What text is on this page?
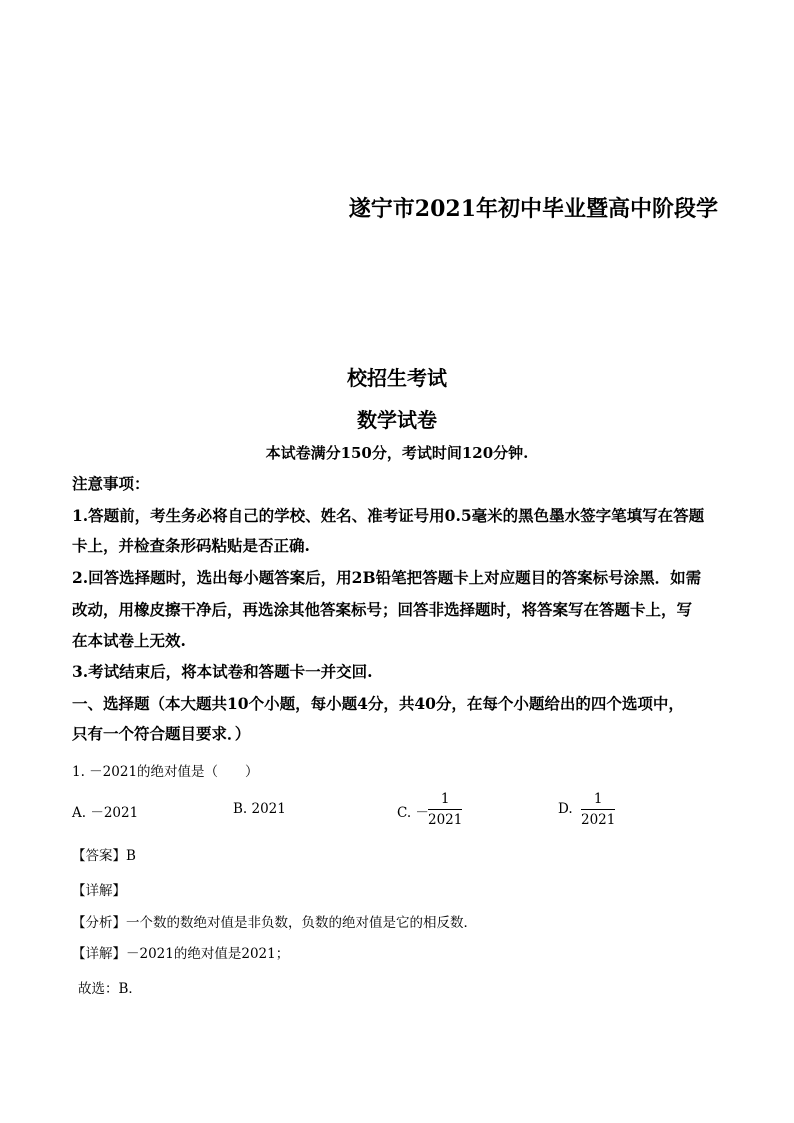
遂宁市2021年初中毕业暨高中阶段学
校招生考试
数学试卷
本试卷满分150分，考试时间120分钟.
注意事项：
1.答题前，考生务必将自己的学校、姓名、准考证号用0.5毫米的黑色墨水签字笔填写在答题
卡上，并检查条形码粘贴是否正确.
2.回答选择题时，选出每小题答案后，用2B铅笔把答题卡上对应题目的答案标号涂黑．如需
改动，用橡皮擦干净后，再选涂其他答案标号；回答非选择题时，将答案写在答题卡上，写
在本试卷上无效.
3.考试结束后，将本试卷和答题卡一并交回.
一、选择题（本大题共10个小题，每小题4分，共40分，在每个小题给出的四个选项中，
只有一个符合题目要求．）
1. －2021的绝对值是（　　）
A. －2021	B. 2021	C. －
1
2021
D.
1
2021
【答案】B
【详解】
【分析】一个数的数绝对值是非负数，负数的绝对值是它的相反数．
【详解】－2021的绝对值是2021；
故选：B．
